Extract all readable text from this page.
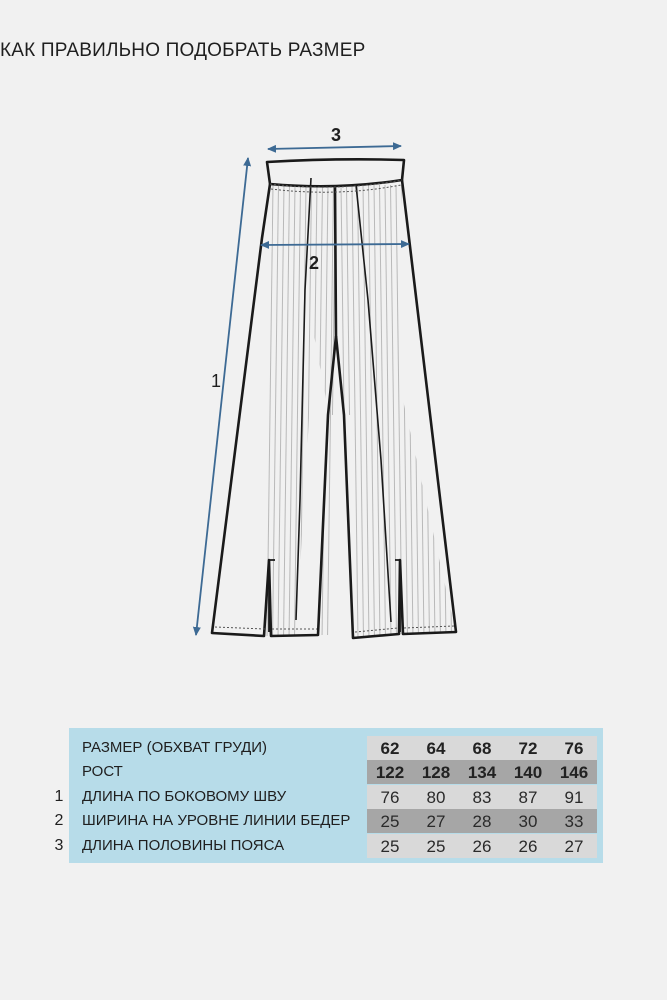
КАК ПРАВИЛЬНО ПОДОБРАТЬ РАЗМЕР
3
2
1
1
2
3
РАЗМЕР (ОБХВАТ ГРУДИ)	62	64	68	72	76
РОСТ	122	128	134	140	146
ДЛИНА ПО БОКОВОМУ ШВУ	76	80	83	87	91
ШИРИНА НА УРОВНЕ ЛИНИИ БЕДЕР	25	27	28	30	33
ДЛИНА ПОЛОВИНЫ ПОЯСА	25	25	26	26	27
